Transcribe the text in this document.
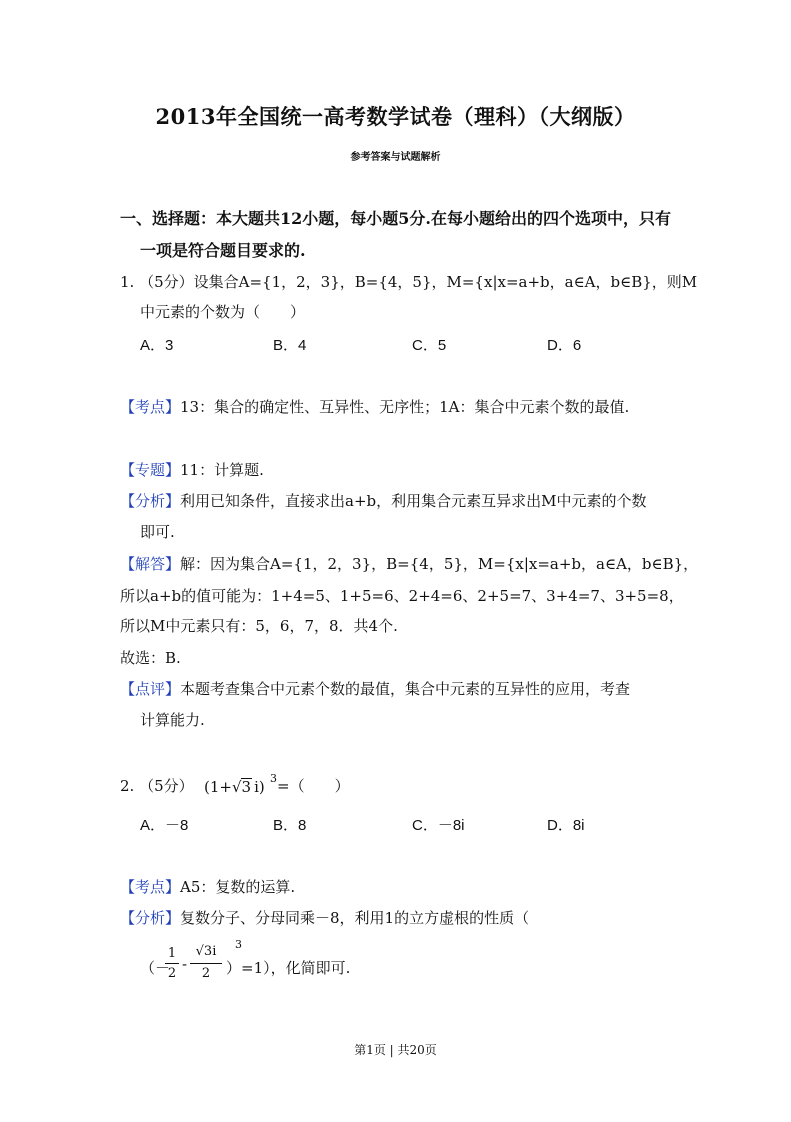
2013年全国统一高考数学试卷（理科）（大纲版）
参考答案与试题解析
一、选择题：本大题共12小题，每小题5分.在每小题给出的四个选项中，只有
一项是符合题目要求的.
1. （5分）设集合A={1，2，3}，B={4，5}，M={x|x=a+b，a∈A，b∈B}，则M
中元素的个数为（　　）
A．3	B．4	C．5	D．6
【考点】13：集合的确定性、互异性、无序性；1A：集合中元素个数的最值.
【专题】11：计算题.
【分析】利用已知条件，直接求出a+b，利用集合元素互异求出M中元素的个数
即可.
【解答】解：因为集合A={1，2，3}，B={4，5}，M={x|x=a+b，a∈A，b∈B}，
所以a+b的值可能为：1+4=5、1+5=6、2+4=6、2+5=7、3+4=7、3+5=8，
所以M中元素只有：5，6，7，8．共4个.
故选：B.
【点评】本题考查集合中元素个数的最值，集合中元素的互异性的应用，考查
计算能力.
2. （5分） (1+√
3 i) 3 =（　　）
A．－8	B．8	C．－8i	D．8i
【考点】A5：复数的运算.
【分析】复数分子、分母同乘－8，利用1的立方虚根的性质（
（－
1
2
-
√3i
2	）
3
=1），化简即可.
第1页 | 共20页
